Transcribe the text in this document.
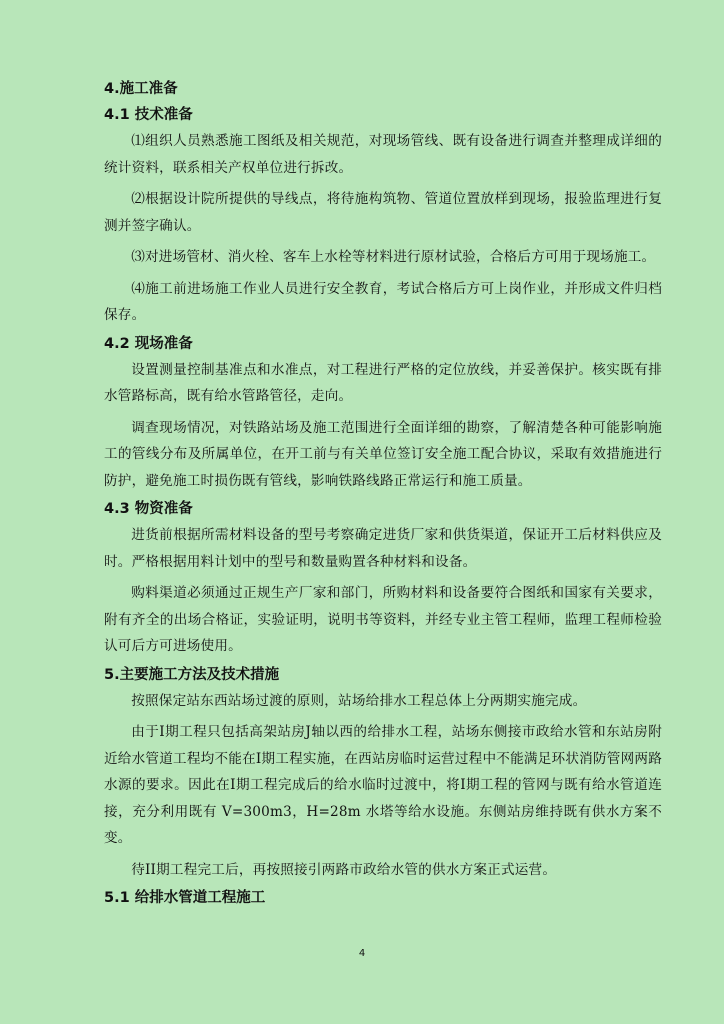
4.施工准备
4.1 技术准备
⑴组织人员熟悉施工图纸及相关规范，对现场管线、既有设备进行调查并整理成详细的统计资料，联系相关产权单位进行拆改。
⑵根据设计院所提供的导线点，将待施构筑物、管道位置放样到现场，报验监理进行复测并签字确认。
⑶对进场管材、消火栓、客车上水栓等材料进行原材试验，合格后方可用于现场施工。
⑷施工前进场施工作业人员进行安全教育，考试合格后方可上岗作业，并形成文件归档保存。
4.2 现场准备
设置测量控制基准点和水准点，对工程进行严格的定位放线，并妥善保护。核实既有排水管路标高，既有给水管路管径，走向。
调查现场情况，对铁路站场及施工范围进行全面详细的勘察，了解清楚各种可能影响施工的管线分布及所属单位，在开工前与有关单位签订安全施工配合协议，采取有效措施进行防护，避免施工时损伤既有管线，影响铁路线路正常运行和施工质量。
4.3 物资准备
进货前根据所需材料设备的型号考察确定进货厂家和供货渠道，保证开工后材料供应及时。严格根据用料计划中的型号和数量购置各种材料和设备。
购料渠道必须通过正规生产厂家和部门，所购材料和设备要符合图纸和国家有关要求，附有齐全的出场合格证，实验证明，说明书等资料，并经专业主管工程师，监理工程师检验认可后方可进场使用。
5.主要施工方法及技术措施
按照保定站东西站场过渡的原则，站场给排水工程总体上分两期实施完成。
由于Ⅰ期工程只包括高架站房J轴以西的给排水工程，站场东侧接市政给水管和东站房附近给水管道工程均不能在Ⅰ期工程实施，在西站房临时运营过程中不能满足环状消防管网两路水源的要求。因此在Ⅰ期工程完成后的给水临时过渡中，将Ⅰ期工程的管网与既有给水管道连接，充分利用既有 V=300m3，H=28m 水塔等给水设施。东侧站房维持既有供水方案不变。
待II期工程完工后，再按照接引两路市政给水管的供水方案正式运营。
5.1 给排水管道工程施工
4
